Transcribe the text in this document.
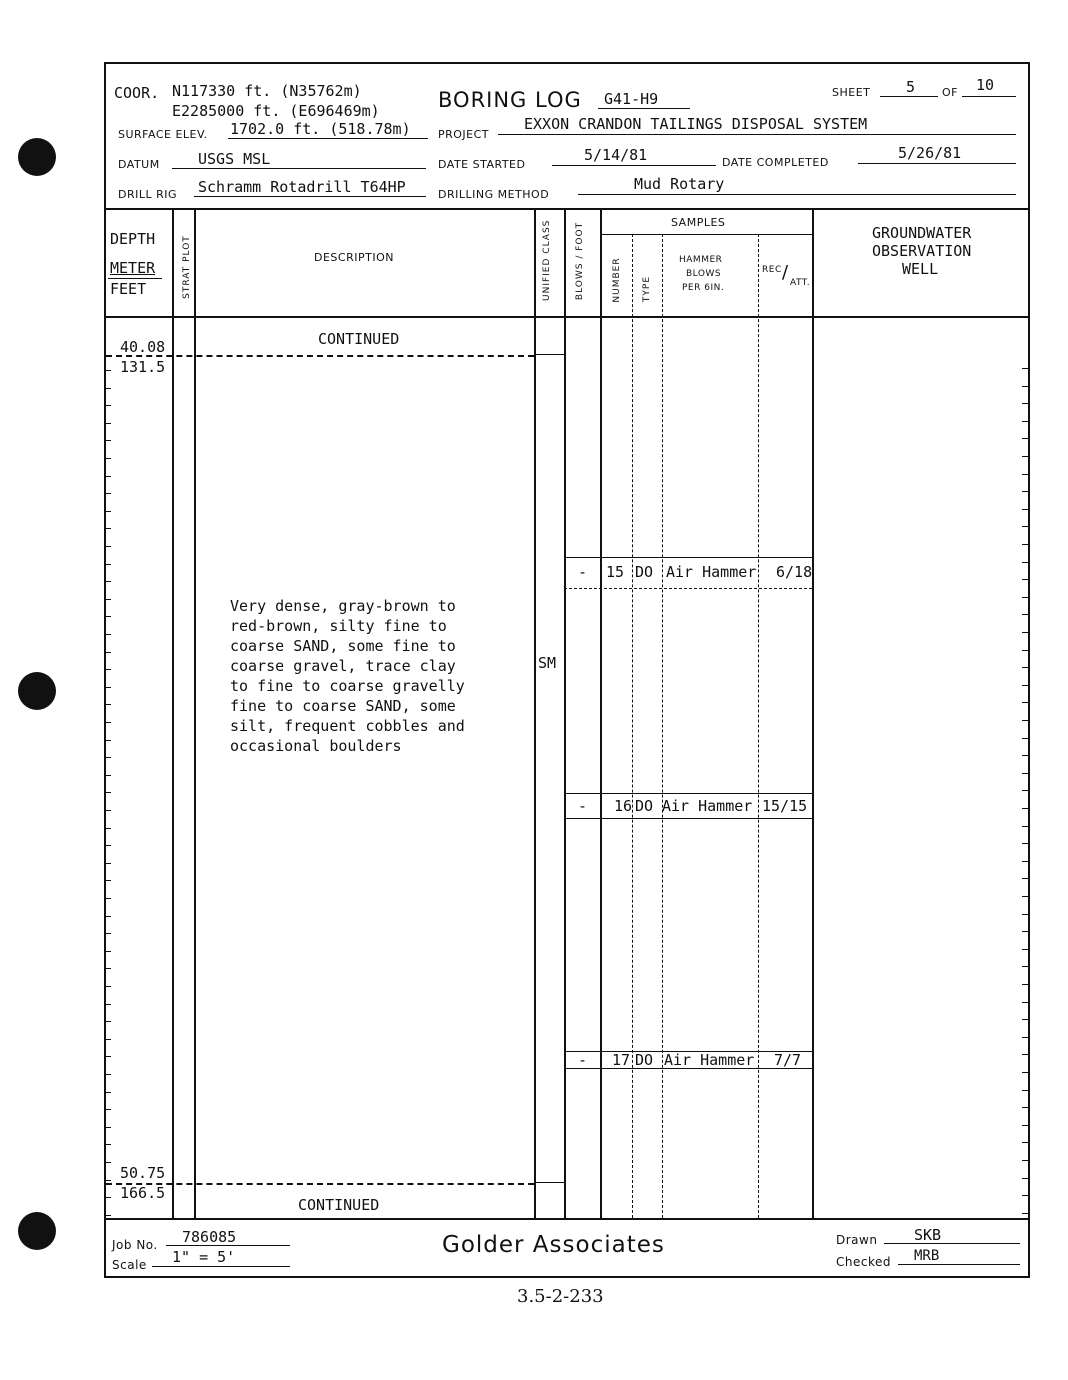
COOR. N117330 ft. (N35762m)
E2285000 ft. (E696469m)
SURFACE ELEV. 1702.0 ft. (518.78m)
DATUM	USGS MSL
DRILL RIG Schramm Rotadrill T64HP
BORING LOG G41-H9	SHEET 5 OF 10
PROJECT
EXXON CRANDON TAILINGS DISPOSAL SYSTEM
DATE STARTED
5/14/81	DATE COMPLETED
5/26/81
DRILLING METHOD
Mud Rotary
DEPTH
METER
FEET	STRAT PLOT	DESCRIPTION	UNIFIED CLASS	BLOWS / FOOT	SAMPLES
NUMBER TYPE
HAMMER
BLOWS
PER 6IN.
REC / ATT.
GROUNDWATER
OBSERVATION
WELL
40.08
131.5
CONTINUED
Very dense, gray-brown to
red-brown, silty fine to
coarse SAND, some fine to
coarse gravel, trace clay
to fine to coarse gravelly
fine to coarse SAND, some
silt, frequent cobbles and
occasional boulders
SM
- 15 DO Air Hammer 6/18
- 16 DO Air Hammer 15/15
- 17 DO Air Hammer 7/7
50.75
166.5
CONTINUED
Job No. 786085
Scale 1" = 5'	Golder Associates	Drawn SKB
Checked MRB
3.5-2-233
